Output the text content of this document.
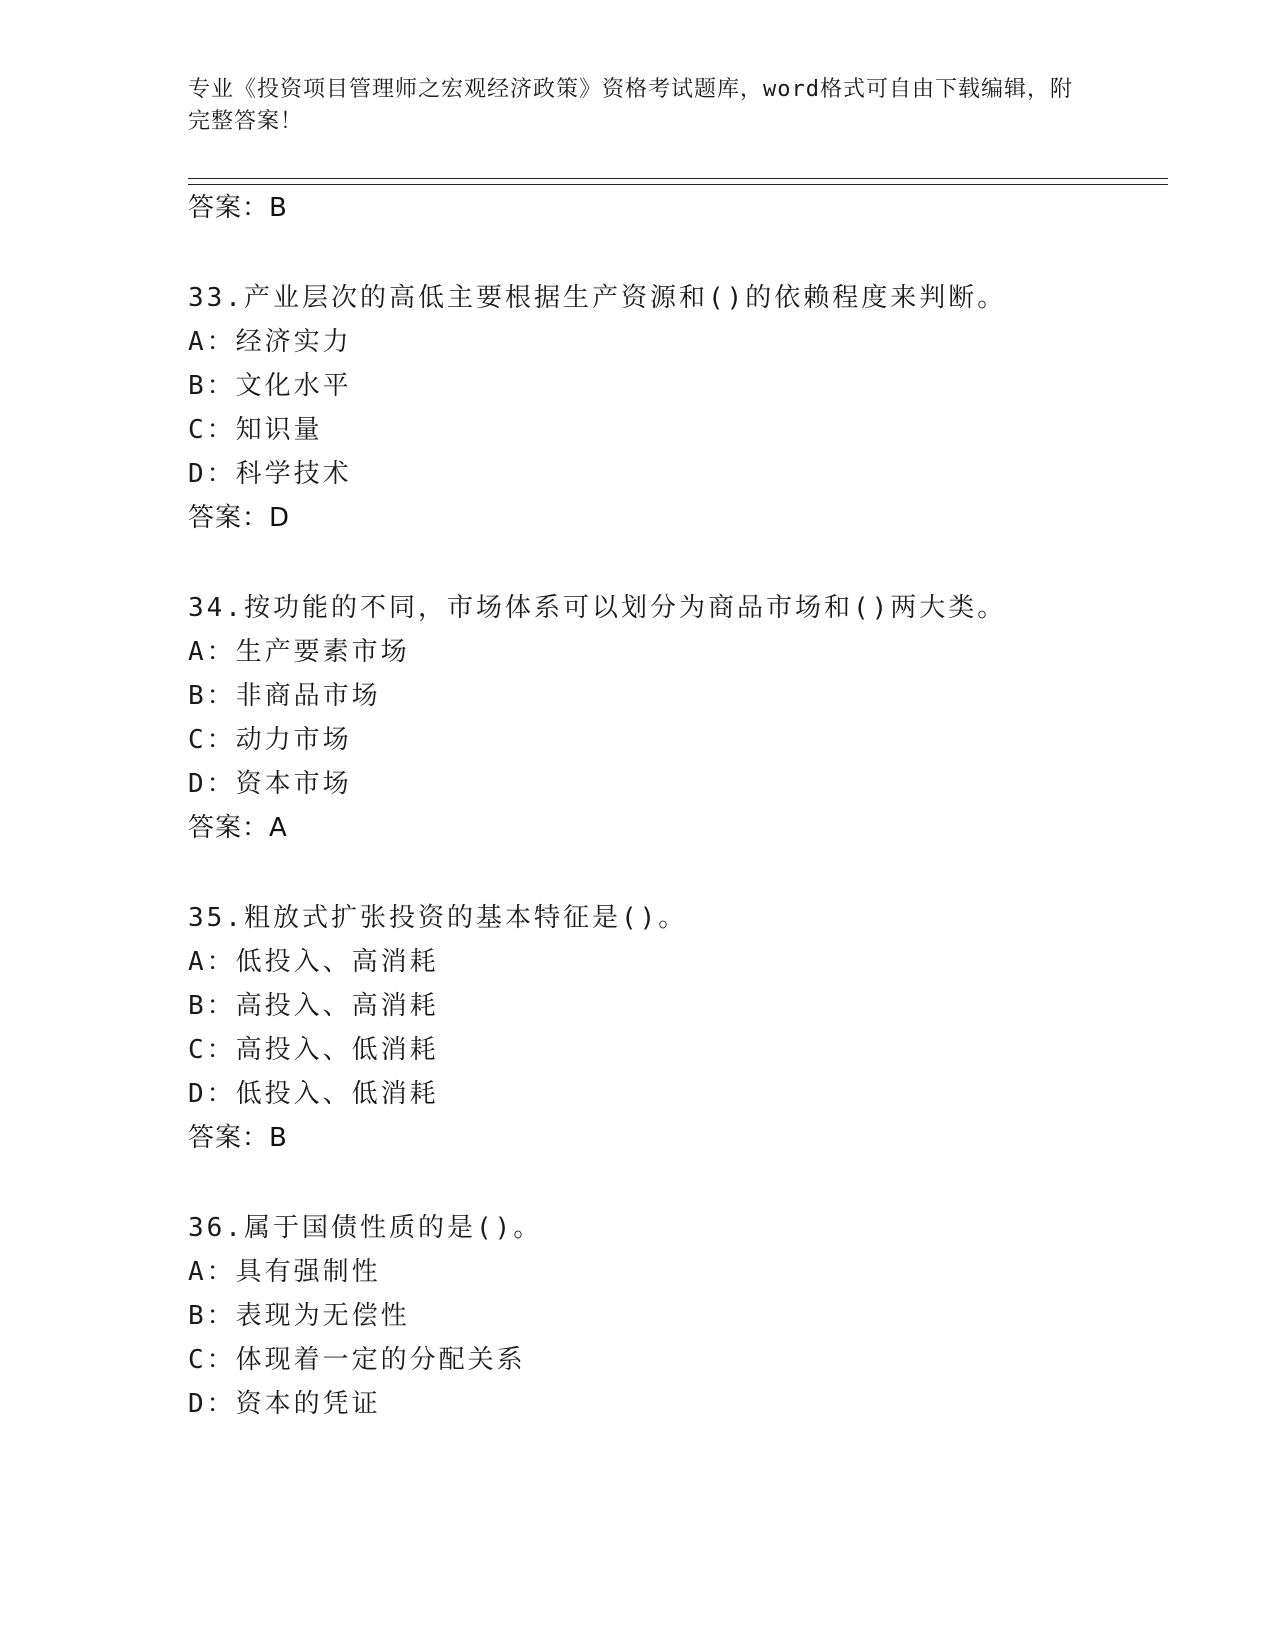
专业《投资项目管理师之宏观经济政策》资格考试题库，word格式可自由下载编辑，附完整答案！
答案：B
33.产业层次的高低主要根据生产资源和()的依赖程度来判断。
A：经济实力
B：文化水平
C：知识量
D：科学技术
答案：D
34.按功能的不同，市场体系可以划分为商品市场和()两大类。
A：生产要素市场
B：非商品市场
C：动力市场
D：资本市场
答案：A
35.粗放式扩张投资的基本特征是()。
A：低投入、高消耗
B：高投入、高消耗
C：高投入、低消耗
D：低投入、低消耗
答案：B
36.属于国债性质的是()。
A：具有强制性
B：表现为无偿性
C：体现着一定的分配关系
D：资本的凭证
